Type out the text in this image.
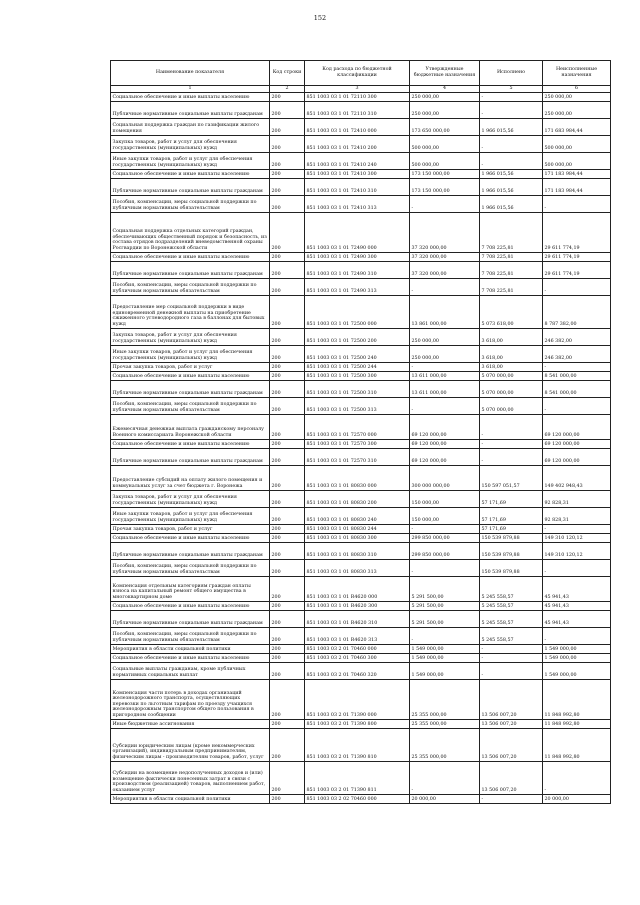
152
Наименование показателя	Код строки	Код расхода по бюджетной классификации	Утвержденные бюджетные назначения	Исполнено	Неисполненные назначения
1	2	3	4	5	6
Социальное обеспечение и иные выплаты населению	200	851 1003 03 1 01 72110 300	250 000,00	-	250 000,00
Публичные нормативные социальные выплаты гражданам	200	851 1003 03 1 01 72110 310	250 000,00	-	250 000,00
Социальная поддержка граждан по газификации жилого помещения	200	851 1003 03 1 01 72410 000	173 650 000,00	1 966 015,56	171 683 984,44
Закупка товаров, работ и услуг для обеспечения государственных (муниципальных) нужд	200	851 1003 03 1 01 72410 200	500 000,00	-	500 000,00
Иные закупки товаров, работ и услуг для обеспечения государственных (муниципальных) нужд	200	851 1003 03 1 01 72410 240	500 000,00	-	500 000,00
Социальное обеспечение и иные выплаты населению	200	851 1003 03 1 01 72410 300	173 150 000,00	1 966 015,56	171 183 984,44
Публичные нормативные социальные выплаты гражданам	200	851 1003 03 1 01 72410 310	173 150 000,00	1 966 015,56	171 183 984,44
Пособия, компенсации, меры социальной поддержки по публичным нормативным обязательствам	200	851 1003 03 1 01 72410 313	-	1 966 015,56	-
Социальная поддержка отдельных категорий граждан, обеспечивающих общественный порядок и безопасность, из состава отрядов подразделений вневедомственной охраны Росгвардии по Воронежской области	200	851 1003 03 1 01 72490 000	37 320 000,00	7 708 225,81	29 611 774,19
Социальное обеспечение и иные выплаты населению	200	851 1003 03 1 01 72490 300	37 320 000,00	7 708 225,81	29 611 774,19
Публичные нормативные социальные выплаты гражданам	200	851 1003 03 1 01 72490 310	37 320 000,00	7 708 225,81	29 611 774,19
Пособия, компенсации, меры социальной поддержки по публичным нормативным обязательствам	200	851 1003 03 1 01 72490 313	-	7 708 225,81	-
Предоставление мер социальной поддержки в виде единовременной денежной выплаты на приобретение сжиженного углеводородного газа в баллонах для бытовых нужд	200	851 1003 03 1 01 72500 000	13 861 000,00	5 073 618,00	8 787 382,00
Закупка товаров, работ и услуг для обеспечения государственных (муниципальных) нужд	200	851 1003 03 1 01 72500 200	250 000,00	3 618,00	246 382,00
Иные закупки товаров, работ и услуг для обеспечения государственных (муниципальных) нужд	200	851 1003 03 1 01 72500 240	250 000,00	3 618,00	246 382,00
Прочая закупка товаров, работ и услуг	200	851 1003 03 1 01 72500 244	-	3 618,00	-
Социальное обеспечение и иные выплаты населению	200	851 1003 03 1 01 72500 300	13 611 000,00	5 070 000,00	8 541 000,00
Публичные нормативные социальные выплаты гражданам	200	851 1003 03 1 01 72500 310	13 611 000,00	5 070 000,00	8 541 000,00
Пособия, компенсации, меры социальной поддержки по публичным нормативным обязательствам	200	851 1003 03 1 01 72500 313	-	5 070 000,00	-
Ежемесячная денежная выплата гражданскому персоналу Военного комиссариата Воронежской области	200	851 1003 03 1 01 72570 000	69 120 000,00	-	69 120 000,00
Социальное обеспечение и иные выплаты населению	200	851 1003 03 1 01 72570 300	69 120 000,00	-	69 120 000,00
Публичные нормативные социальные выплаты гражданам	200	851 1003 03 1 01 72570 310	69 120 000,00	-	69 120 000,00
Предоставление субсидий на оплату жилого помещения и коммунальных услуг за счет бюджета г. Воронежа	200	851 1003 03 1 01 80830 000	300 000 000,00	150 597 051,57	149 402 948,43
Закупка товаров, работ и услуг для обеспечения государственных (муниципальных) нужд	200	851 1003 03 1 01 80830 200	150 000,00	57 171,69	92 828,31
Иные закупки товаров, работ и услуг для обеспечения государственных (муниципальных) нужд	200	851 1003 03 1 01 80830 240	150 000,00	57 171,69	92 828,31
Прочая закупка товаров, работ и услуг	200	851 1003 03 1 01 80830 244	-	57 171,69	-
Социальное обеспечение и иные выплаты населению	200	851 1003 03 1 01 80830 300	299 850 000,00	150 539 879,88	149 310 120,12
Публичные нормативные социальные выплаты гражданам	200	851 1003 03 1 01 80830 310	299 850 000,00	150 539 879,88	149 310 120,12
Пособия, компенсации, меры социальной поддержки по публичным нормативным обязательствам	200	851 1003 03 1 01 80830 313	-	150 539 879,88	-
Компенсация отдельным категориям граждан оплаты взноса на капитальный ремонт общего имущества в многоквартирном доме	200	851 1003 03 1 01 R4620 000	5 291 500,00	5 245 558,57	45 941,43
Социальное обеспечение и иные выплаты населению	200	851 1003 03 1 01 R4620 300	5 291 500,00	5 245 558,57	45 941,43
Публичные нормативные социальные выплаты гражданам	200	851 1003 03 1 01 R4620 310	5 291 500,00	5 245 558,57	45 941,43
Пособия, компенсации, меры социальной поддержки по публичным нормативным обязательствам	200	851 1003 03 1 01 R4620 313	-	5 245 558,57	-
Мероприятия в области социальной политики	200	851 1003 03 2 01 70460 000	1 549 000,00	-	1 549 000,00
Социальное обеспечение и иные выплаты населению	200	851 1003 03 2 01 70460 300	1 549 000,00	-	1 549 000,00
Социальные выплаты гражданам, кроме публичных нормативных социальных выплат	200	851 1003 03 2 01 70460 320	1 549 000,00	-	1 549 000,00
Компенсация части потерь в доходах организаций железнодорожного транспорта, осуществляющих перевозки по льготным тарифам по проезду учащихся железнодорожным транспортом общего пользования в пригородном сообщении	200	851 1003 03 2 01 71390 000	25 355 000,00	13 506 007,20	11 848 992,80
Иные бюджетные ассигнования	200	851 1003 03 2 01 71390 800	25 355 000,00	13 506 007,20	11 848 992,80
Субсидии юридическим лицам (кроме некоммерческих организаций), индивидуальным предпринимателям, физическим лицам - производителям товаров, работ, услуг	200	851 1003 03 2 01 71390 810	25 355 000,00	13 506 007,20	11 848 992,80
Субсидии на возмещение недополученных доходов и (или) возмещение фактически понесенных затрат в связи с производством (реализацией) товаров, выполнением работ, оказанием услуг	200	851 1003 03 2 01 71390 811	-	13 506 007,20	-
Мероприятия в области социальной политики	200	851 1003 03 2 02 70460 000	20 000,00	-	20 000,00
